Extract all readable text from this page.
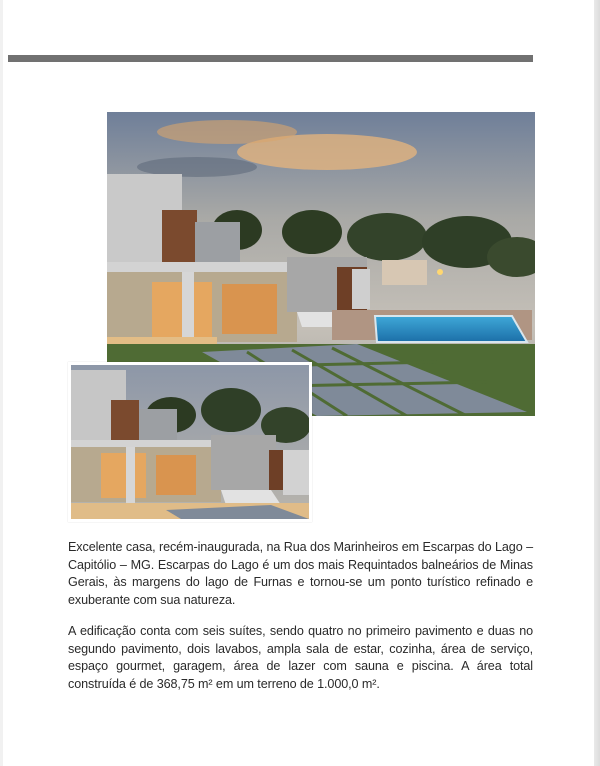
Excelente casa, recém-inaugurada, na Rua dos Marinheiros em Escarpas do Lago – Capitólio – MG. Escarpas do Lago é um dos mais Requintados balneários de Minas Gerais, às margens do lago de Furnas e tornou-se um ponto turístico refinado e exuberante com sua natureza.

A edificação conta com seis suítes, sendo quatro no primeiro pavimento e duas no segundo pavimento, dois lavabos, ampla sala de estar, cozinha, área de serviço, espaço gourmet, garagem, área de lazer com sauna e piscina. A área total construída é de 368,75 m² em um terreno de 1.000,0 m².
